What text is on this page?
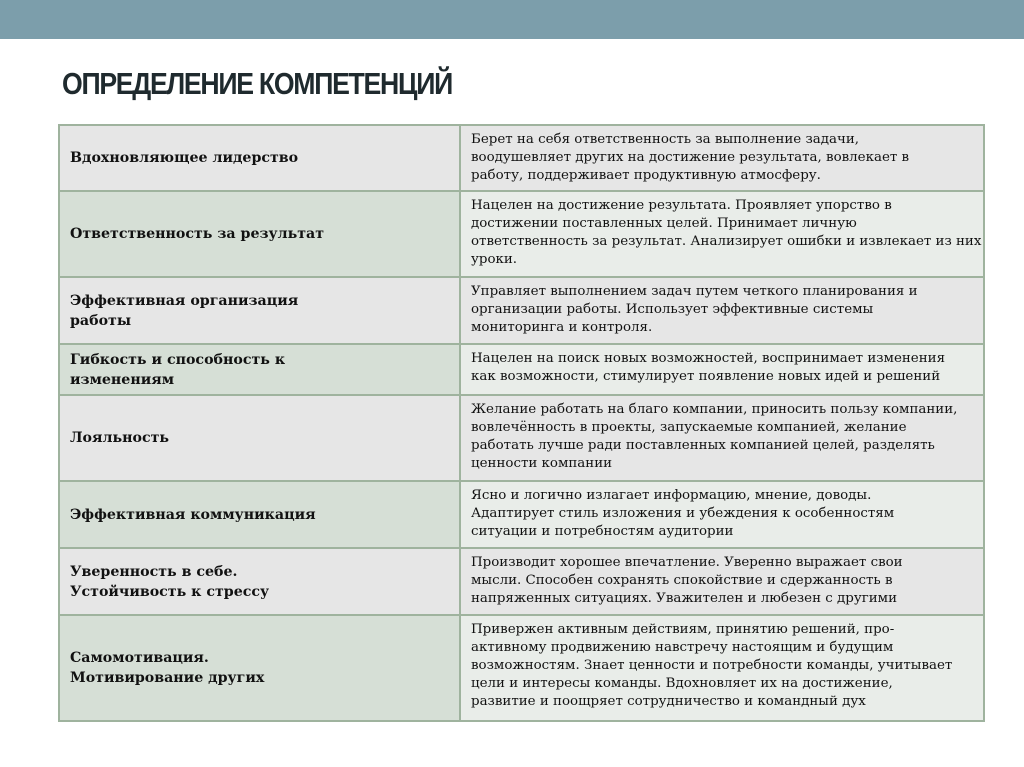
ОПРЕДЕЛЕНИЕ КОМПЕТЕНЦИЙ
Вдохновляющее лидерство	Берет на себя ответственность за выполнение задачи,
воодушевляет других на достижение результата, вовлекает в
работу, поддерживает продуктивную атмосферу.

Ответственность за результат	Нацелен на достижение результата. Проявляет упорство в
достижении поставленных целей. Принимает личную
ответственность за результат. Анализирует ошибки и извлекает из них
уроки.

Эффективная организация
работы	Управляет выполнением задач путем четкого планирования и
организации работы. Использует эффективные системы
мониторинга и контроля.

Гибкость и способность к
изменениям	Нацелен на поиск новых возможностей, воспринимает изменения
как возможности, стимулирует появление новых идей и решений

Лояльность	Желание работать на благо компании, приносить пользу компании,
вовлечённость в проекты, запускаемые компанией, желание
работать лучше ради поставленных компанией целей, разделять
ценности компании

Эффективная коммуникация	Ясно и логично излагает информацию, мнение, доводы.
Адаптирует стиль изложения и убеждения к особенностям
ситуации и потребностям аудитории

Уверенность в себе.
Устойчивость к стрессу	Производит хорошее впечатление. Уверенно выражает свои
мысли. Способен сохранять спокойствие и сдержанность в
напряженных ситуациях. Уважителен и любезен с другими

Самомотивация.
Мотивирование других	Привержен активным действиям, принятию решений, про-
активному продвижению навстречу настоящим и будущим
возможностям. Знает ценности и потребности команды, учитывает
цели и интересы команды. Вдохновляет их на достижение,
развитие и поощряет сотрудничество и командный дух
